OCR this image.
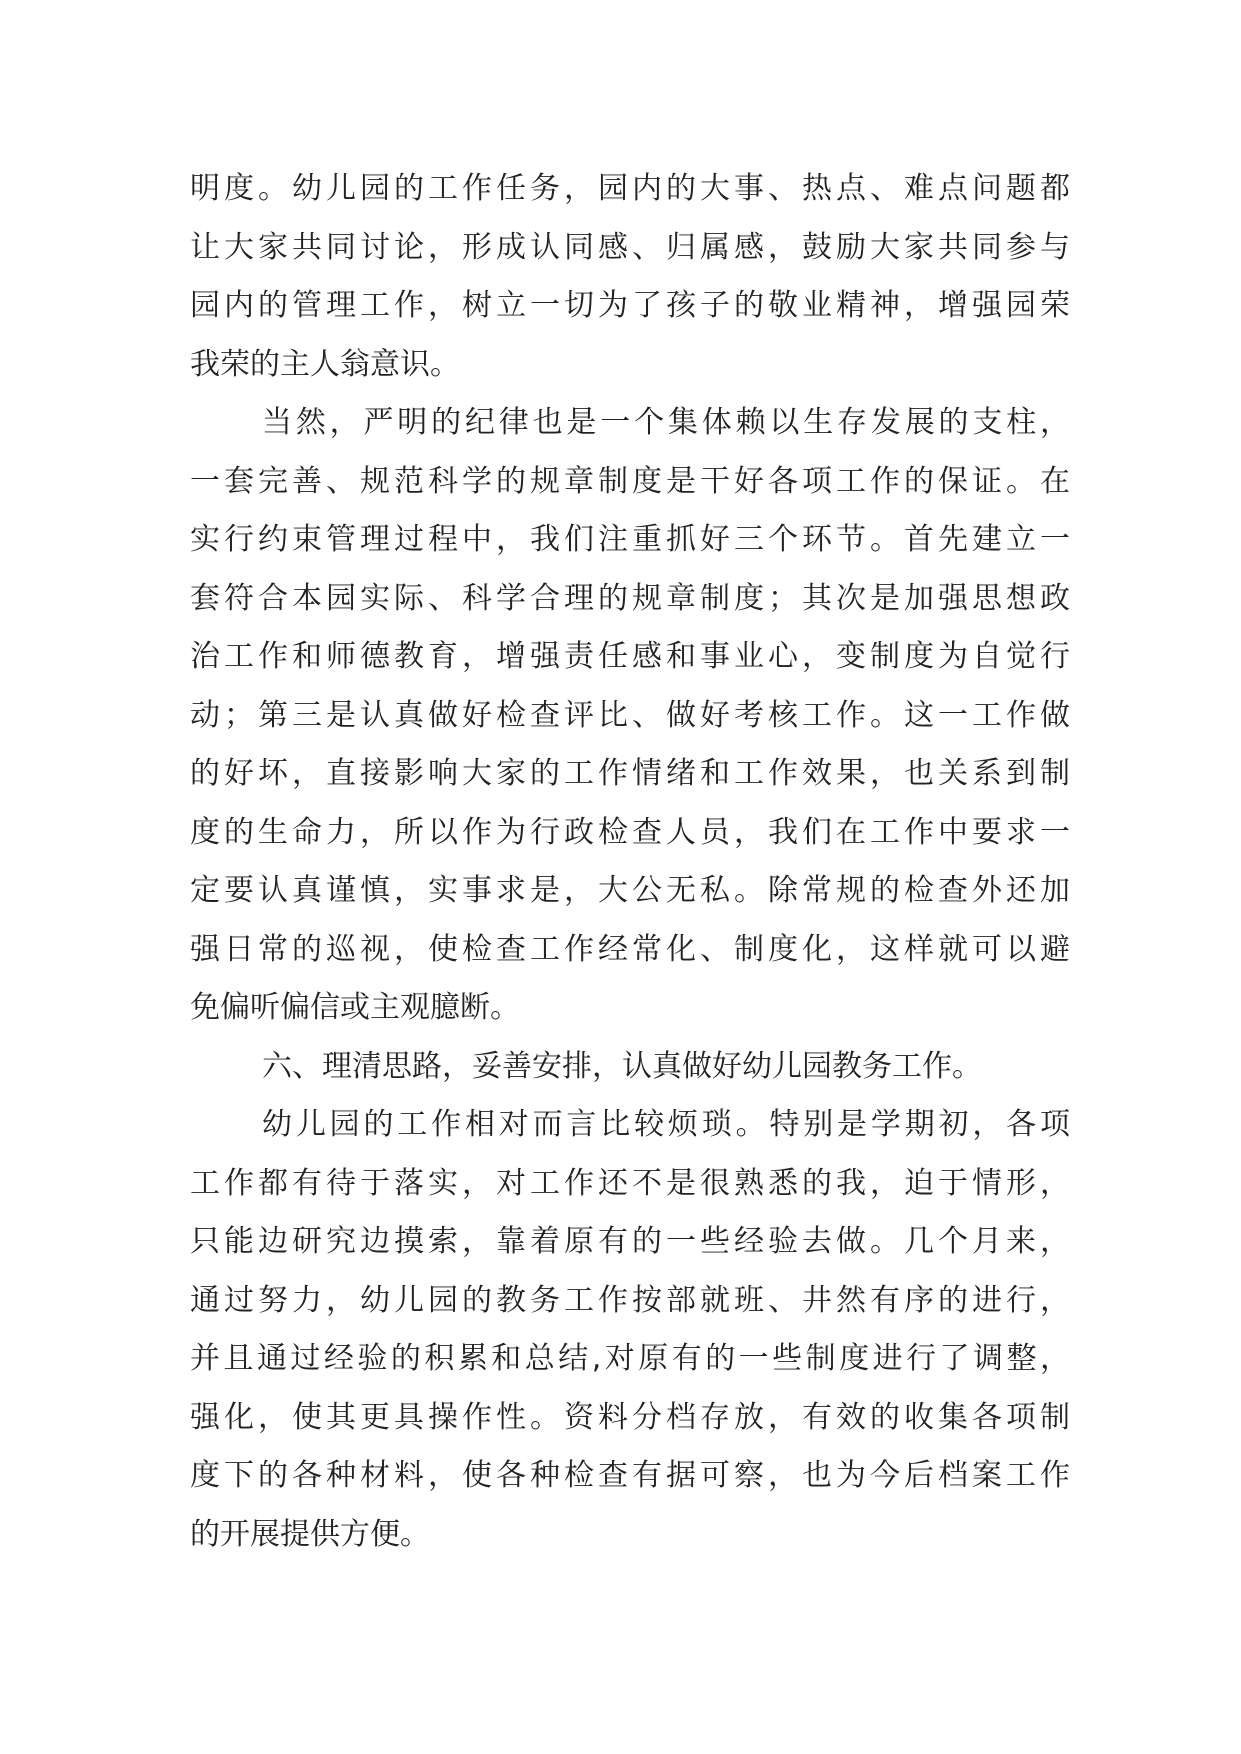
明度。幼儿园的工作任务，园内的大事、热点、难点问题都
让大家共同讨论，形成认同感、归属感，鼓励大家共同参与
园内的管理工作，树立一切为了孩子的敬业精神，增强园荣
我荣的主人翁意识。
当然，严明的纪律也是一个集体赖以生存发展的支柱，
一套完善、规范科学的规章制度是干好各项工作的保证。在
实行约束管理过程中，我们注重抓好三个环节。首先建立一
套符合本园实际、科学合理的规章制度；其次是加强思想政
治工作和师德教育，增强责任感和事业心，变制度为自觉行
动；第三是认真做好检查评比、做好考核工作。这一工作做
的好坏，直接影响大家的工作情绪和工作效果，也关系到制
度的生命力，所以作为行政检查人员，我们在工作中要求一
定要认真谨慎，实事求是，大公无私。除常规的检查外还加
强日常的巡视，使检查工作经常化、制度化，这样就可以避
免偏听偏信或主观臆断。
六、理清思路，妥善安排，认真做好幼儿园教务工作。
幼儿园的工作相对而言比较烦琐。特别是学期初，各项
工作都有待于落实，对工作还不是很熟悉的我，迫于情形，
只能边研究边摸索，靠着原有的一些经验去做。几个月来，
通过努力，幼儿园的教务工作按部就班、井然有序的进行，
并且通过经验的积累和总结,对原有的一些制度进行了调整，
强化，使其更具操作性。资料分档存放，有效的收集各项制
度下的各种材料，使各种检查有据可察，也为今后档案工作
的开展提供方便。
